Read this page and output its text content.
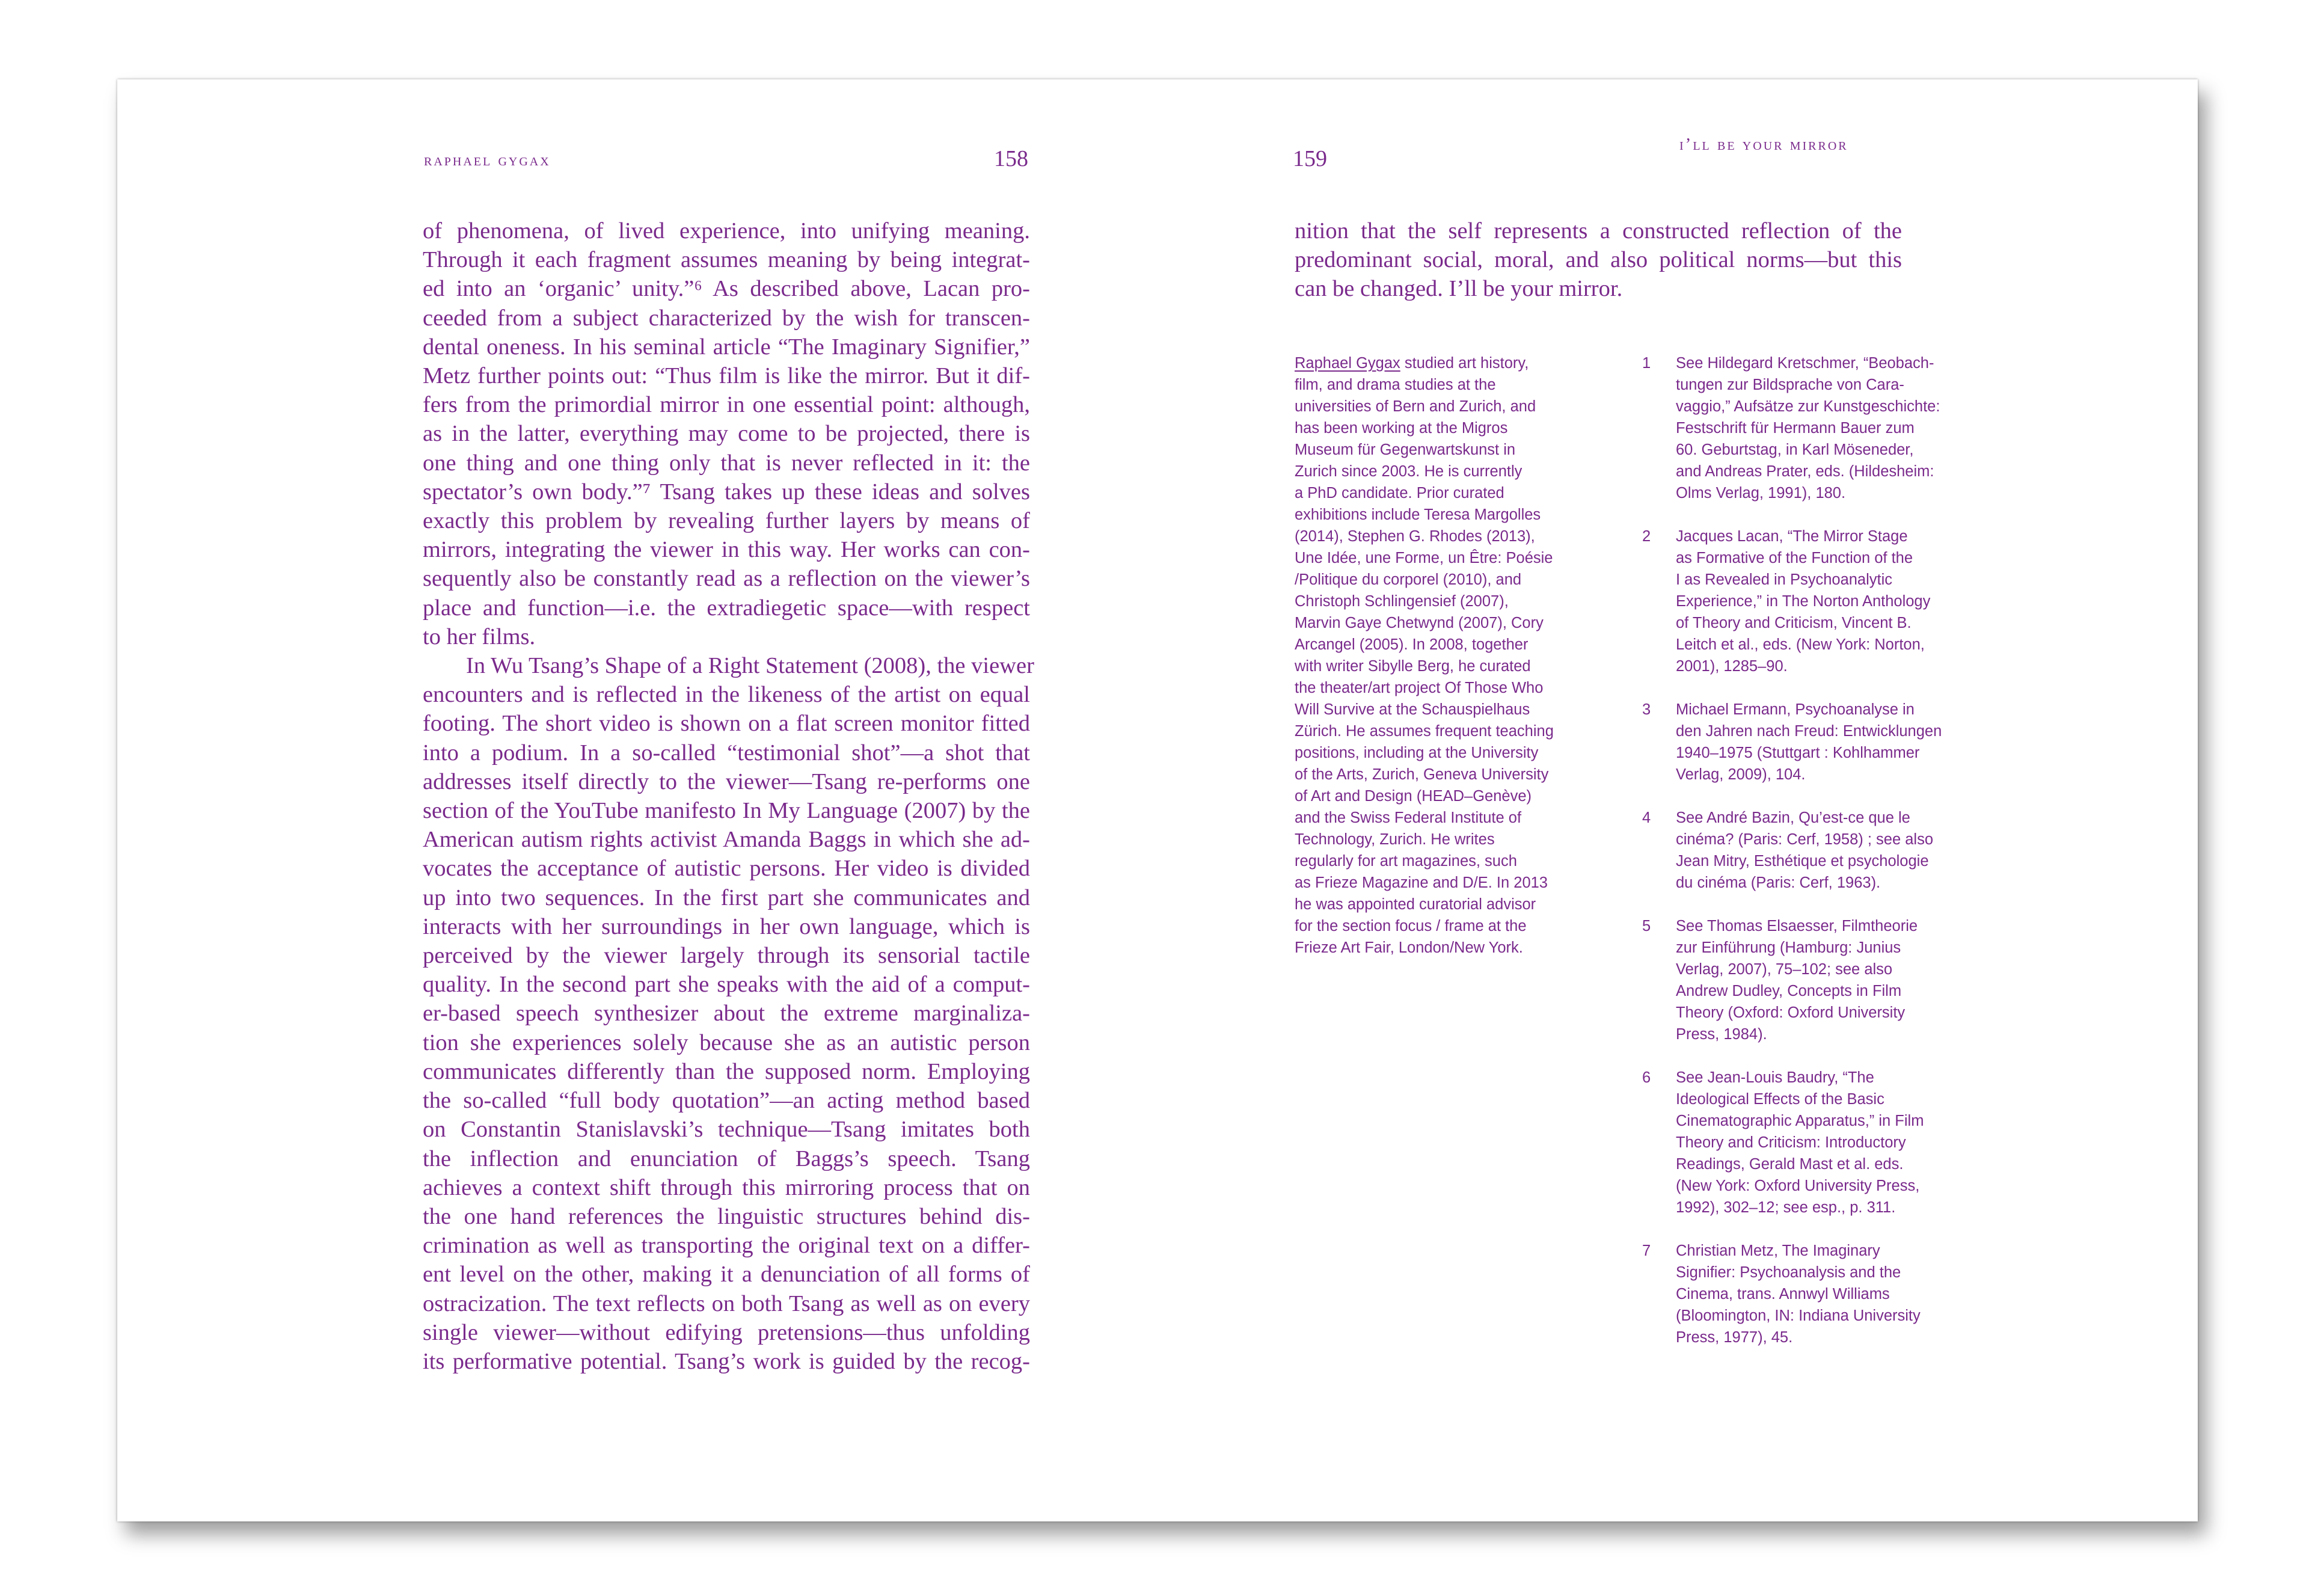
raphael gygax	158
of phenomena, of lived experience, into unifying meaning.
Through it each fragment assumes meaning by being integrat-
ed into an ‘organic’ unity.”⁶ As described above, Lacan pro-
ceeded from a subject characterized by the wish for transcen-
dental oneness. In his seminal article “The Imaginary Signifier,”
Metz further points out: “Thus film is like the mirror. But it dif-
fers from the primordial mirror in one essential point: although,
as in the latter, everything may come to be projected, there is
one thing and one thing only that is never reflected in it: the
spectator’s own body.”⁷ Tsang takes up these ideas and solves
exactly this problem by revealing further layers by means of
mirrors, integrating the viewer in this way. Her works can con-
sequently also be constantly read as a reflection on the viewer’s
place and function—i.e. the extradiegetic space—with respect
to her films.
In Wu Tsang’s Shape of a Right Statement (2008), the viewer
encounters and is reflected in the likeness of the artist on equal
footing. The short video is shown on a flat screen monitor fitted
into a podium. In a so-called “testimonial shot”—a shot that
addresses itself directly to the viewer—Tsang re-performs one
section of the YouTube manifesto In My Language (2007) by the
American autism rights activist Amanda Baggs in which she ad-
vocates the acceptance of autistic persons. Her video is divided
up into two sequences. In the first part she communicates and
interacts with her surroundings in her own language, which is
perceived by the viewer largely through its sensorial tactile
quality. In the second part she speaks with the aid of a comput-
er-based speech synthesizer about the extreme marginaliza-
tion she experiences solely because she as an autistic person
communicates differently than the supposed norm. Employing
the so-called “full body quotation”—an acting method based
on Constantin Stanislavski’s technique—Tsang imitates both
the inflection and enunciation of Baggs’s speech. Tsang
achieves a context shift through this mirroring process that on
the one hand references the linguistic structures behind dis-
crimination as well as transporting the original text on a differ-
ent level on the other, making it a denunciation of all forms of
ostracization. The text reflects on both Tsang as well as on every
single viewer—without edifying pretensions—thus unfolding
its performative potential. Tsang’s work is guided by the recog-
159
i’ll be your mirror
nition that the self represents a constructed reflection of the
predominant social, moral, and also political norms—but this
can be changed. I’ll be your mirror.
Raphael Gygax studied art history,
film, and drama studies at the
universities of Bern and Zurich, and
has been working at the Migros
Museum für Gegenwartskunst in
Zurich since 2003. He is currently
a PhD candidate. Prior curated
exhibitions include Teresa Margolles
(2014), Stephen G. Rhodes (2013),
Une Idée, une Forme, un Être: Poésie
/Politique du corporel (2010), and
Christoph Schlingensief (2007),
Marvin Gaye Chetwynd (2007), Cory
Arcangel (2005). In 2008, together
with writer Sibylle Berg, he curated
the theater/art project Of Those Who
Will Survive at the Schauspielhaus
Zürich. He assumes frequent teaching
positions, including at the University
of the Arts, Zurich, Geneva University
of Art and Design (HEAD–Genève)
and the Swiss Federal Institute of
Technology, Zurich. He writes
regularly for art magazines, such
as Frieze Magazine and D/E. In 2013
he was appointed curatorial advisor
for the section focus / frame at the
Frieze Art Fair, London/New York.
1 See Hildegard Kretschmer, “Beobach-
tungen zur Bildsprache von Cara-
vaggio,” Aufsätze zur Kunstgeschichte:
Festschrift für Hermann Bauer zum
60. Geburtstag, in Karl Möseneder,
and Andreas Prater, eds. (Hildesheim:
Olms Verlag, 1991), 180.
2 Jacques Lacan, “The Mirror Stage
as Formative of the Function of the
I as Revealed in Psychoanalytic
Experience,” in The Norton Anthology
of Theory and Criticism, Vincent B.
Leitch et al., eds. (New York: Norton,
2001), 1285–90.
3 Michael Ermann, Psychoanalyse in
den Jahren nach Freud: Entwicklungen
1940–1975 (Stuttgart : Kohlhammer
Verlag, 2009), 104.
4 See André Bazin, Qu’est-ce que le
cinéma? (Paris: Cerf, 1958) ; see also
Jean Mitry, Esthétique et psychologie
du cinéma (Paris: Cerf, 1963).
5 See Thomas Elsaesser, Filmtheorie
zur Einführung (Hamburg: Junius
Verlag, 2007), 75–102; see also
Andrew Dudley, Concepts in Film
Theory (Oxford: Oxford University
Press, 1984).
6 See Jean-Louis Baudry, “The
Ideological Effects of the Basic
Cinematographic Apparatus,” in Film
Theory and Criticism: Introductory
Readings, Gerald Mast et al. eds.
(New York: Oxford University Press,
1992), 302–12; see esp., p. 311.
7 Christian Metz, The Imaginary
Signifier: Psychoanalysis and the
Cinema, trans. Annwyl Williams
(Bloomington, IN: Indiana University
Press, 1977), 45.
